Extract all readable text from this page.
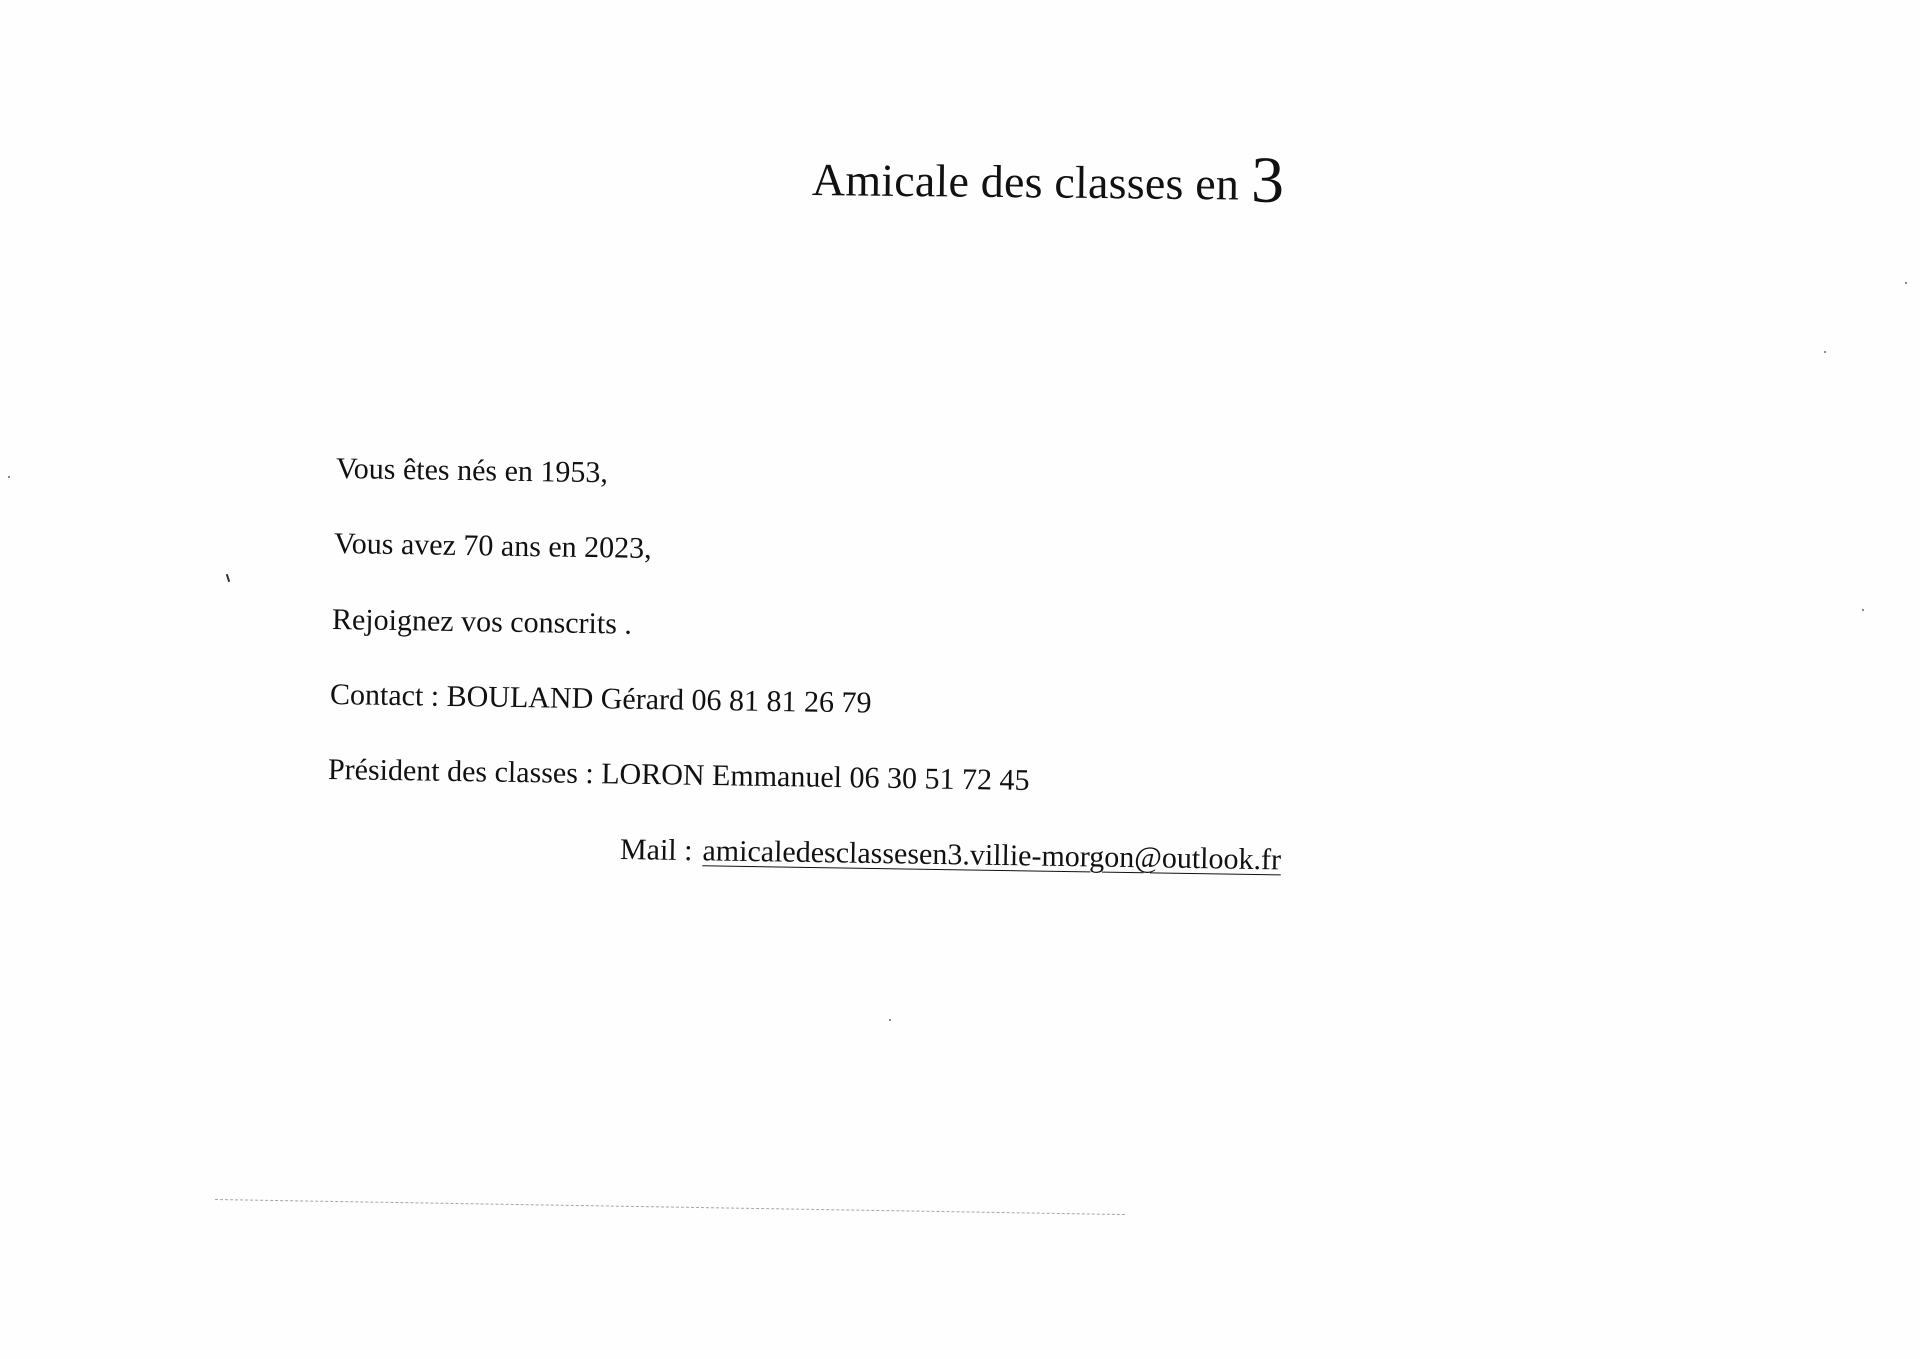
Amicale des classes en 3
Vous êtes nés en 1953,
Vous avez 70 ans en 2023,
Rejoignez vos conscrits .
Contact : BOULAND Gérard 06 81 81 26 79
Président des classes : LORON Emmanuel 06 30 51 72 45
Mail : amicaledesclassesen3.villie-morgon@outlook.fr
